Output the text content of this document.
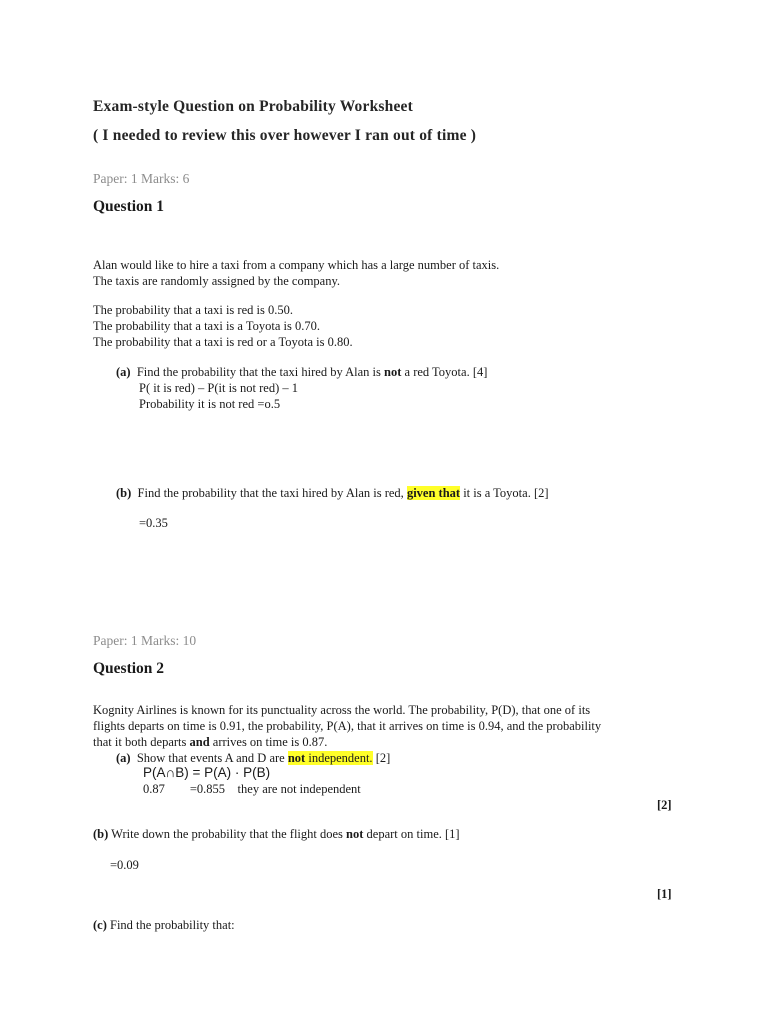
Exam-style Question on Probability Worksheet
( I needed to review this over however I ran out of time )
Paper: 1 Marks: 6
Question 1
Alan would like to hire a taxi from a company which has a large number of taxis.
The taxis are randomly assigned by the company.
The probability that a taxi is red is 0.50.
The probability that a taxi is a Toyota is 0.70.
The probability that a taxi is red or a Toyota is 0.80.
(a) Find the probability that the taxi hired by Alan is not a red Toyota. [4]
P( it is red) – P(it is not red) – 1
Probability it is not red =o.5
(b) Find the probability that the taxi hired by Alan is red, given that it is a Toyota. [2]
=0.35
Paper: 1 Marks: 10
Question 2
Kognity Airlines is known for its punctuality across the world. The probability, P(D), that one of its
flights departs on time is 0.91, the probability, P(A), that it arrives on time is 0.94, and the probability
that it both departs and arrives on time is 0.87.
(a) Show that events A and D are not independent. [2]
P(A∩B) = P(A) · P(B)
0.87        =0.855    they are not independent
[2]
(b) Write down the probability that the flight does not depart on time. [1]
=0.09
[1]
(c) Find the probability that:
